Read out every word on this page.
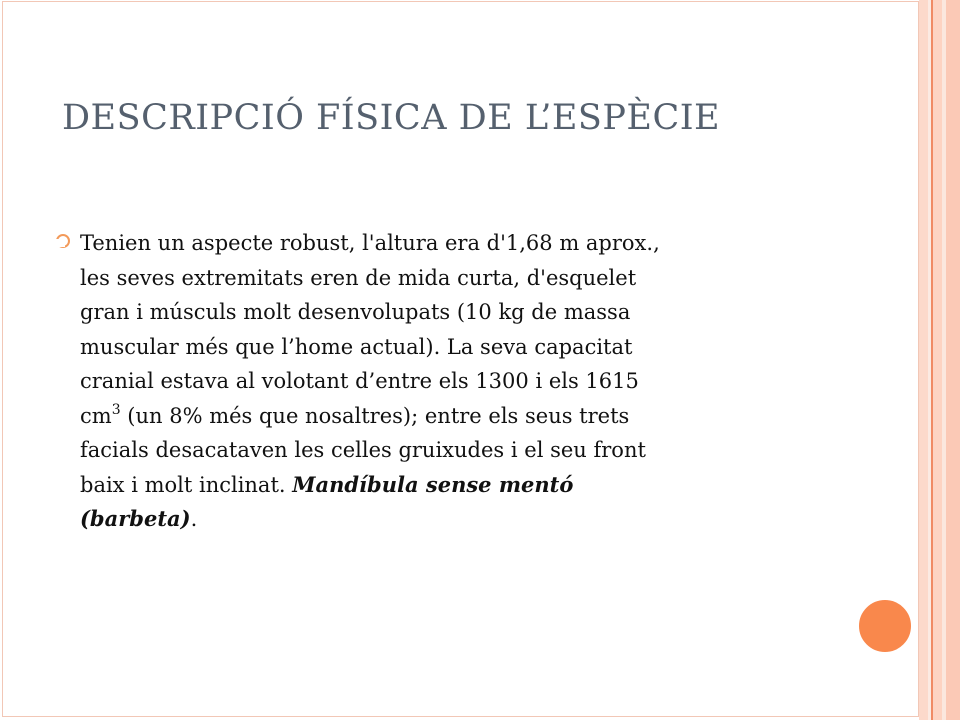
DESCRIPCIÓ FÍSICA DE L’ESPÈCIE
Tenien un aspecte robust, l'altura era d'1,68 m aprox.,
les seves extremitats eren de mida curta, d'esquelet
gran i músculs molt desenvolupats (10 kg de massa
muscular més que l’home actual). La seva capacitat
cranial estava al volotant d’entre els 1300 i els 1615
$cm^3$ (un 8% més que nosaltres); entre els seus trets
facials desacataven les celles gruixudes i el seu front
baix i molt inclinat. Mandíbula sense mentó
(barbeta).
